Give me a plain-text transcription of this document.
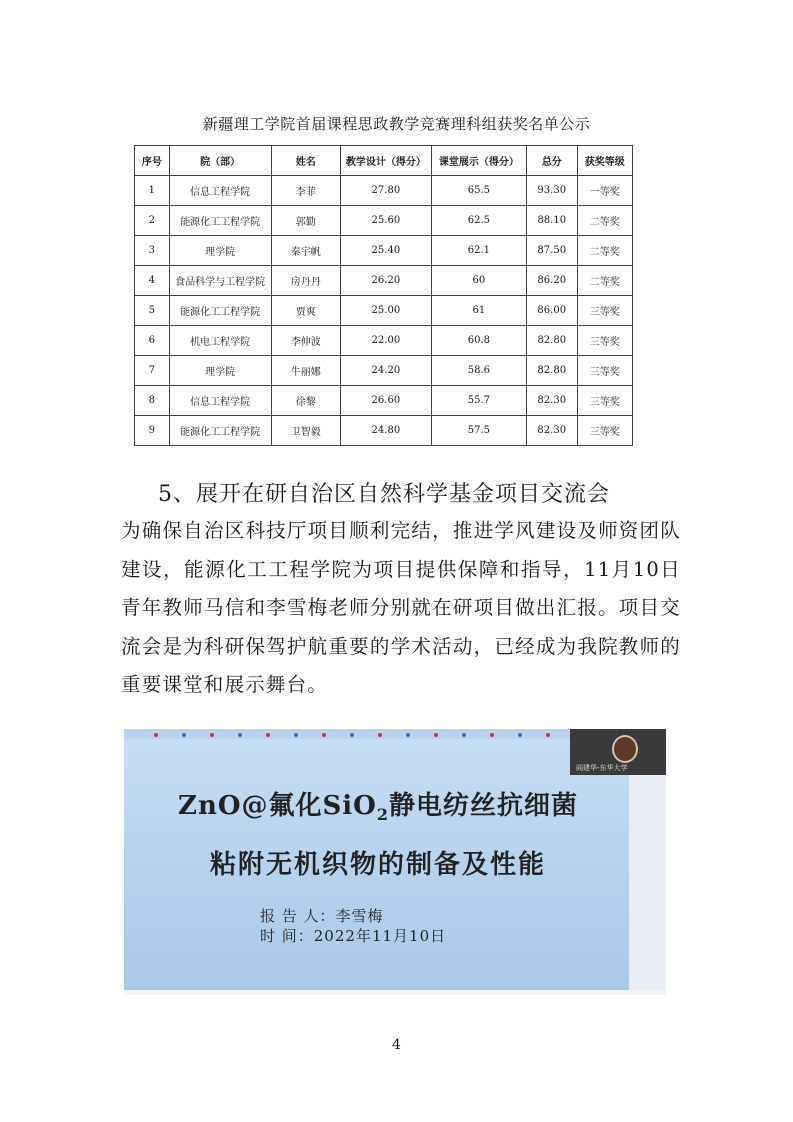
新疆理工学院首届课程思政教学竞赛理科组获奖名单公示
序号	院（部）	姓名	教学设计（得分）	课堂展示（得分）	总分	获奖等级
1	信息工程学院	李菲	27.80	65.5	93.30	一等奖
2	能源化工工程学院	郭勤	25.60	62.5	88.10	二等奖
3	理学院	秦宇帆	25.40	62.1	87.50	二等奖
4	食品科学与工程学院	房丹丹	26.20	60	86.20	二等奖
5	能源化工工程学院	贾爽	25.00	61	86.00	三等奖
6	机电工程学院	李伸波	22.00	60.8	82.80	三等奖
7	理学院	牛丽娜	24.20	58.6	82.80	三等奖
8	信息工程学院	徐黎	26.60	55.7	82.30	三等奖
9	能源化工工程学院	卫智毅	24.80	57.5	82.30	三等奖
5、展开在研自治区自然科学基金项目交流会

为确保自治区科技厅项目顺利完结，推进学风建设及师资团队建设，能源化工工程学院为项目提供保障和指导，11月10日青年教师马信和李雪梅老师分别就在研项目做出汇报。项目交流会是为科研保驾护航重要的学术活动，已经成为我院教师的重要课堂和展示舞台。

ZnO@氟化SiO$_2$静电纺丝抗细菌
粘附无机织物的制备及性能
报 告 人：李雪梅
时 间：2022年11月10日
阎建华-东华大学
4
